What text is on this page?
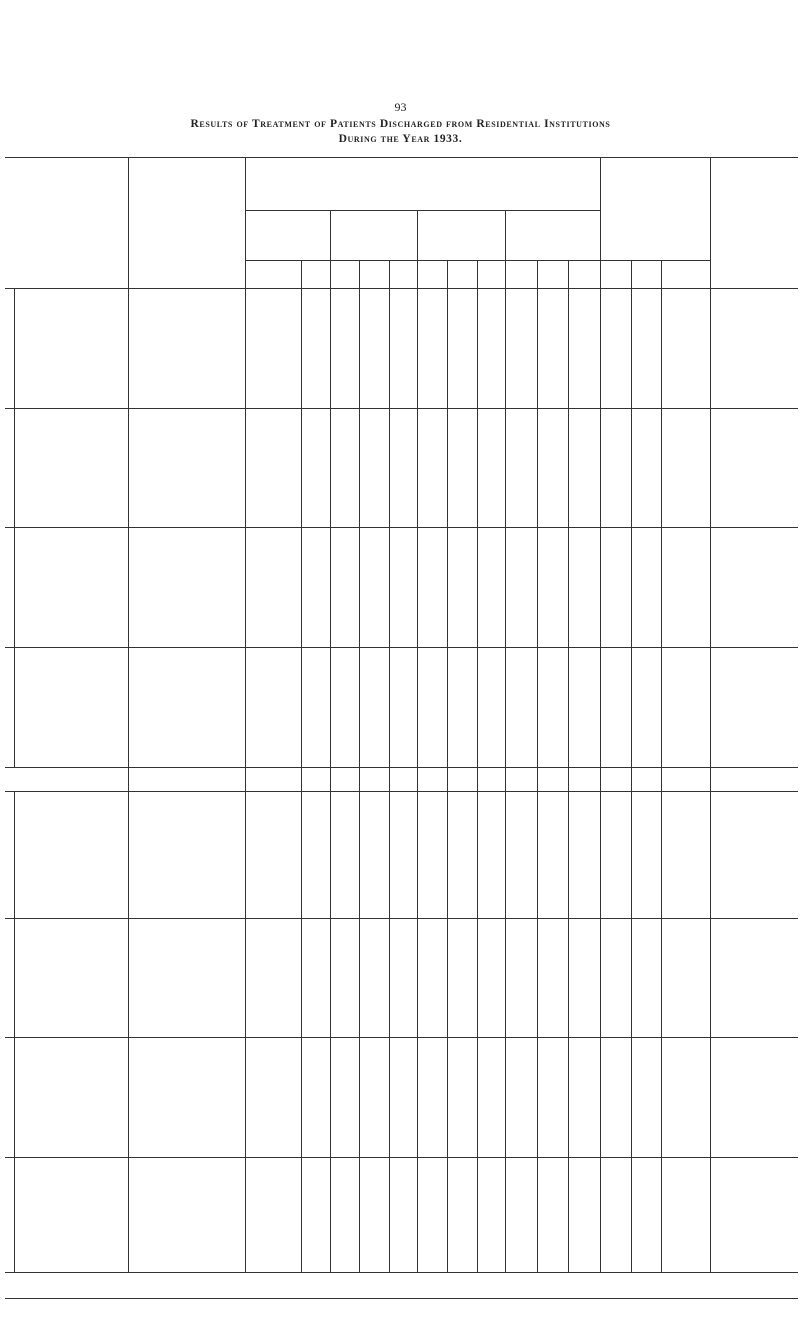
93
Results of Treatment of Patients Discharged from Residential Institutions
During the Year 1933.
